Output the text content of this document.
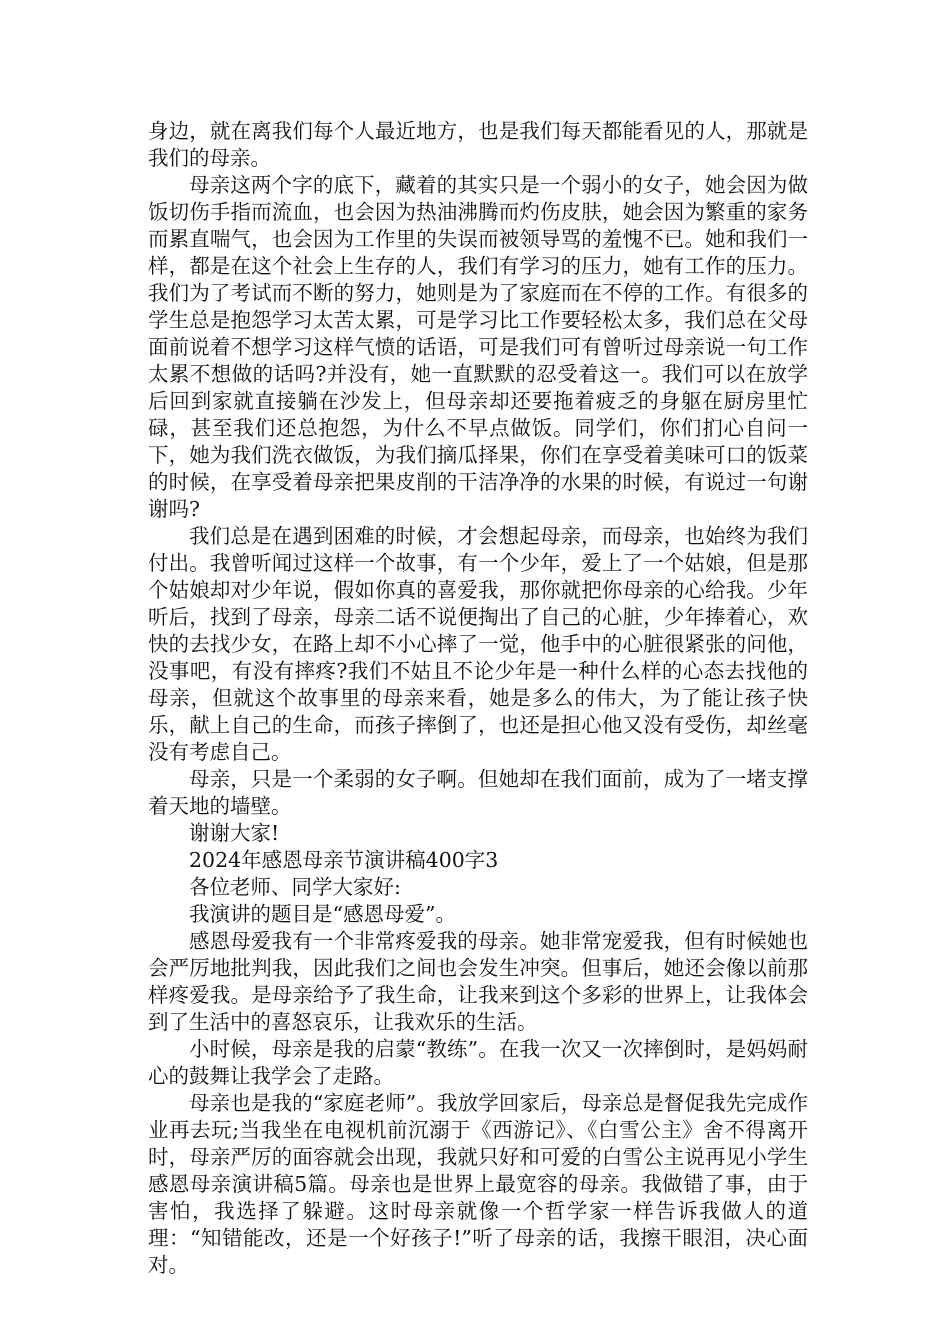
身边，就在离我们每个人最近地方，也是我们每天都能看见的人，那就是我们的母亲。

母亲这两个字的底下，藏着的其实只是一个弱小的女子，她会因为做饭切伤手指而流血，也会因为热油沸腾而灼伤皮肤，她会因为繁重的家务而累直喘气，也会因为工作里的失误而被领导骂的羞愧不已。她和我们一样，都是在这个社会上生存的人，我们有学习的压力，她有工作的压力。我们为了考试而不断的努力，她则是为了家庭而在不停的工作。有很多的学生总是抱怨学习太苦太累，可是学习比工作要轻松太多，我们总在父母面前说着不想学习这样气愤的话语，可是我们可有曾听过母亲说一句工作太累不想做的话吗?并没有，她一直默默的忍受着这一。我们可以在放学后回到家就直接躺在沙发上，但母亲却还要拖着疲乏的身躯在厨房里忙碌，甚至我们还总抱怨，为什么不早点做饭。同学们，你们扪心自问一下，她为我们洗衣做饭，为我们摘瓜择果，你们在享受着美味可口的饭菜的时候，在享受着母亲把果皮削的干洁净净的水果的时候，有说过一句谢谢吗?

我们总是在遇到困难的时候，才会想起母亲，而母亲，也始终为我们付出。我曾听闻过这样一个故事，有一个少年，爱上了一个姑娘，但是那个姑娘却对少年说，假如你真的喜爱我，那你就把你母亲的心给我。少年听后，找到了母亲，母亲二话不说便掏出了自己的心脏，少年捧着心，欢快的去找少女，在路上却不小心摔了一觉，他手中的心脏很紧张的问他，没事吧，有没有摔疼?我们不姑且不论少年是一种什么样的心态去找他的母亲，但就这个故事里的母亲来看，她是多么的伟大，为了能让孩子快乐，献上自己的生命，而孩子摔倒了，也还是担心他又没有受伤，却丝毫没有考虑自己。

母亲，只是一个柔弱的女子啊。但她却在我们面前，成为了一堵支撑着天地的墙壁。

谢谢大家!

2024年感恩母亲节演讲稿400字3

各位老师、同学大家好:

我演讲的题目是“感恩母爱”。

感恩母爱我有一个非常疼爱我的母亲。她非常宠爱我，但有时候她也会严厉地批判我，因此我们之间也会发生冲突。但事后，她还会像以前那样疼爱我。是母亲给予了我生命，让我来到这个多彩的世界上，让我体会到了生活中的喜怒哀乐，让我欢乐的生活。

小时候，母亲是我的启蒙“教练”。在我一次又一次摔倒时，是妈妈耐心的鼓舞让我学会了走路。

母亲也是我的“家庭老师”。我放学回家后，母亲总是督促我先完成作业再去玩;当我坐在电视机前沉溺于《西游记》、《白雪公主》舍不得离开时，母亲严厉的面容就会出现，我就只好和可爱的白雪公主说再见小学生感恩母亲演讲稿5篇。母亲也是世界上最宽容的母亲。我做错了事，由于害怕，我选择了躲避。这时母亲就像一个哲学家一样告诉我做人的道理：“知错能改，还是一个好孩子!”听了母亲的话，我擦干眼泪，决心面对。
